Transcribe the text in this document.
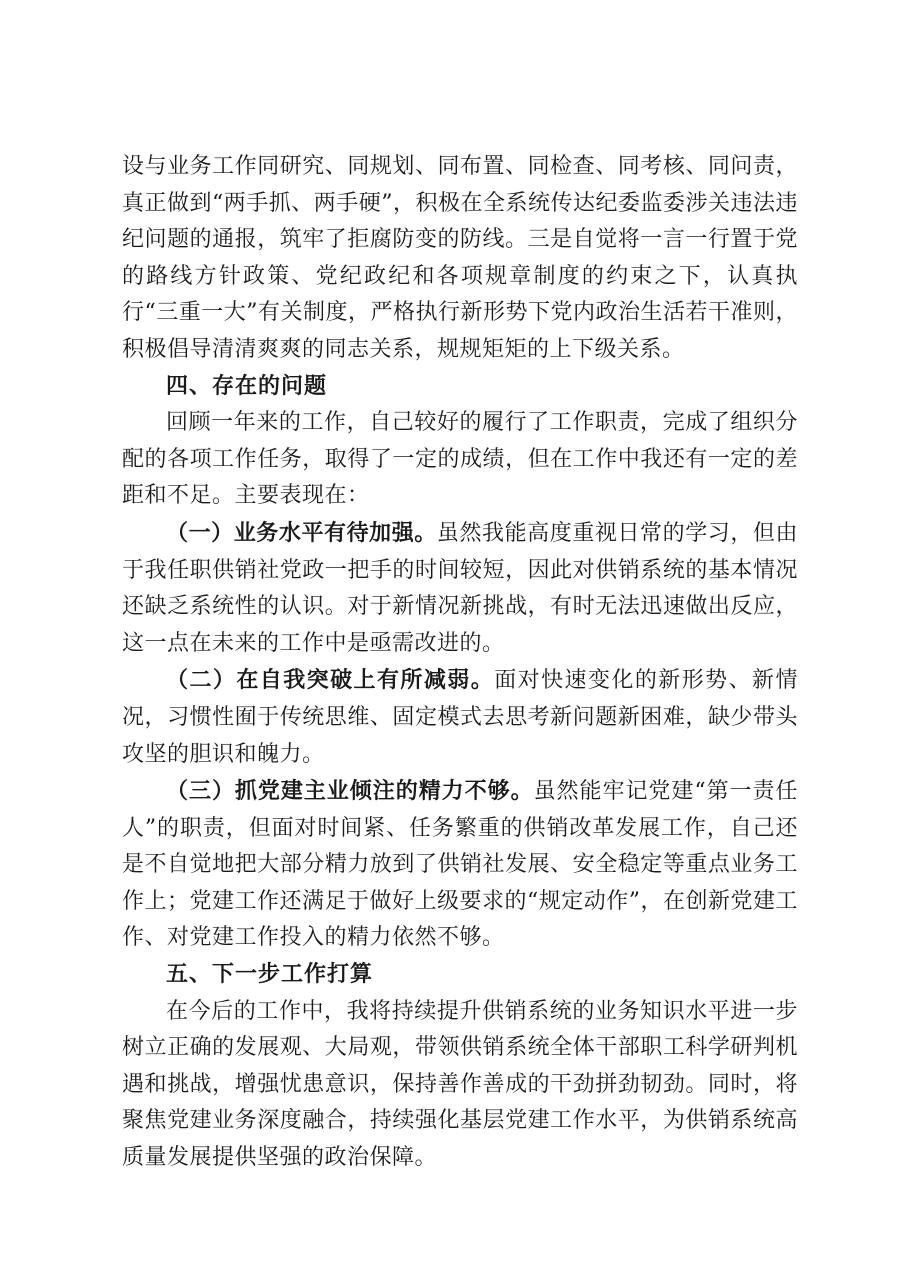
设与业务工作同研究、同规划、同布置、同检查、同考核、同问责，真正做到“两手抓、两手硬”，积极在全系统传达纪委监委涉关违法违纪问题的通报，筑牢了拒腐防变的防线。三是自觉将一言一行置于党的路线方针政策、党纪政纪和各项规章制度的约束之下，认真执行“三重一大”有关制度，严格执行新形势下党内政治生活若干准则，积极倡导清清爽爽的同志关系，规规矩矩的上下级关系。

四、存在的问题

回顾一年来的工作，自己较好的履行了工作职责，完成了组织分配的各项工作任务，取得了一定的成绩，但在工作中我还有一定的差距和不足。主要表现在：

（一）业务水平有待加强。虽然我能高度重视日常的学习，但由于我任职供销社党政一把手的时间较短，因此对供销系统的基本情况还缺乏系统性的认识。对于新情况新挑战，有时无法迅速做出反应，这一点在未来的工作中是亟需改进的。

（二）在自我突破上有所减弱。面对快速变化的新形势、新情况，习惯性囿于传统思维、固定模式去思考新问题新困难，缺少带头攻坚的胆识和魄力。

（三）抓党建主业倾注的精力不够。虽然能牢记党建“第一责任人”的职责，但面对时间紧、任务繁重的供销改革发展工作，自己还是不自觉地把大部分精力放到了供销社发展、安全稳定等重点业务工作上；党建工作还满足于做好上级要求的“规定动作”，在创新党建工作、对党建工作投入的精力依然不够。

五、下一步工作打算

在今后的工作中，我将持续提升供销系统的业务知识水平进一步树立正确的发展观、大局观，带领供销系统全体干部职工科学研判机遇和挑战，增强忧患意识，保持善作善成的干劲拼劲韧劲。同时，将聚焦党建业务深度融合，持续强化基层党建工作水平，为供销系统高质量发展提供坚强的政治保障。
